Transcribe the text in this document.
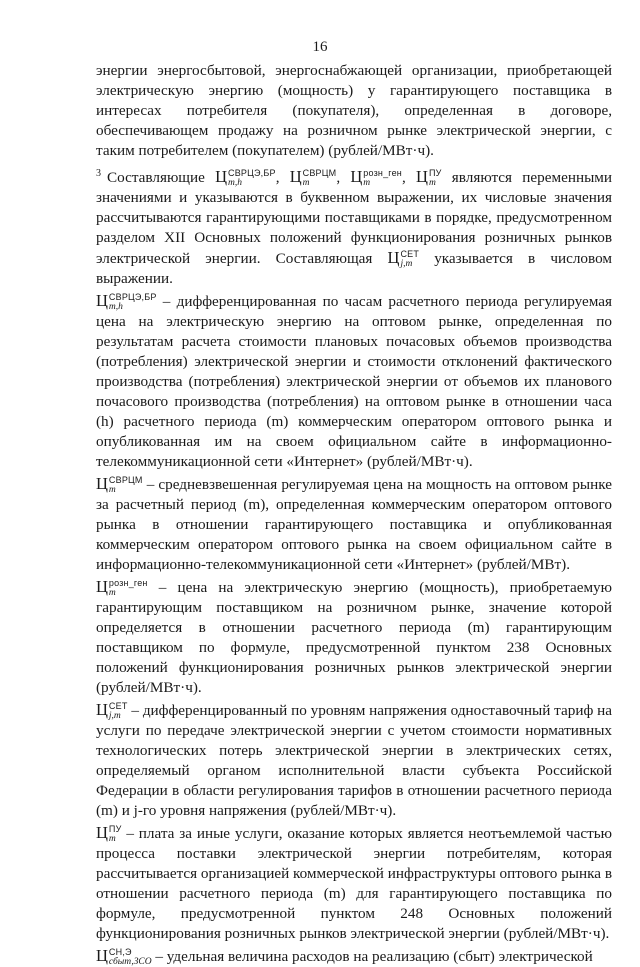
16

энергии энергосбытовой, энергоснабжающей организации, приобретающей электрическую энергию (мощность) у гарантирующего поставщика в интересах потребителя (покупателя), определенная в договоре, обеспечивающем продажу на розничном рынке электрической энергии, с таким потребителем (покупателем) (рублей/МВт·ч).

$^3$ Составляющие Ц СВРЦЭ,БР
m,h	, Ц СВРЦМ
m	, Ц розн_ген
m	, Ц ПУ
m	являются переменными значениями и указываются в буквенном выражении, их числовые значения рассчитываются гарантирующими поставщиками в порядке, предусмотренном разделом XII Основных положений функционирования розничных рынков электрической энергии. Составляющая Ц СЕТ
j,m	указывается в числовом выражении.

Ц СВРЦЭ,БР
m,h	– дифференцированная по часам расчетного периода регулируемая цена на электрическую энергию на оптовом рынке, определенная по результатам расчета стоимости плановых почасовых объемов производства (потребления) электрической энергии и стоимости отклонений фактического производства (потребления) электрической энергии от объемов их планового почасового производства (потребления) на оптовом рынке в отношении часа (h) расчетного периода (m) коммерческим оператором оптового рынка и опубликованная им на своем официальном сайте в информационно-телекоммуникационной сети «Интернет» (рублей/МВт·ч).

Ц СВРЦМ
m	– средневзвешенная регулируемая цена на мощность на оптовом рынке за расчетный период (m), определенная коммерческим оператором оптового рынка в отношении гарантирующего поставщика и опубликованная коммерческим оператором оптового рынка на своем официальном сайте в информационно-телекоммуникационной сети «Интернет» (рублей/МВт).

Ц розн_ген
m	– цена на электрическую энергию (мощность), приобретаемую гарантирующим поставщиком на розничном рынке, значение которой определяется в отношении расчетного периода (m) гарантирующим поставщиком по формуле, предусмотренной пунктом 238 Основных положений функционирования розничных рынков электрической энергии (рублей/МВт·ч).

Ц СЕТ
j,m – дифференцированный по уровням напряжения одноставочный тариф на услуги по передаче электрической энергии с учетом стоимости нормативных технологических потерь электрической энергии в электрических сетях, определяемый органом исполнительной власти субъекта Российской Федерации в области регулирования тарифов в отношении расчетного периода (m) и j-го уровня напряжения (рублей/МВт·ч).

Ц ПУ
m – плата за иные услуги, оказание которых является неотъемлемой частью процесса поставки электрической энергии потребителям, которая рассчитывается организацией коммерческой инфраструктуры оптового рынка в отношении расчетного периода (m) для гарантирующего поставщика по формуле, предусмотренной пунктом 248 Основных положений функционирования розничных рынков электрической энергии (рублей/МВт·ч).

Ц СН,Э
сбыт,ЗСО – удельная величина расходов на реализацию (сбыт) электрической
